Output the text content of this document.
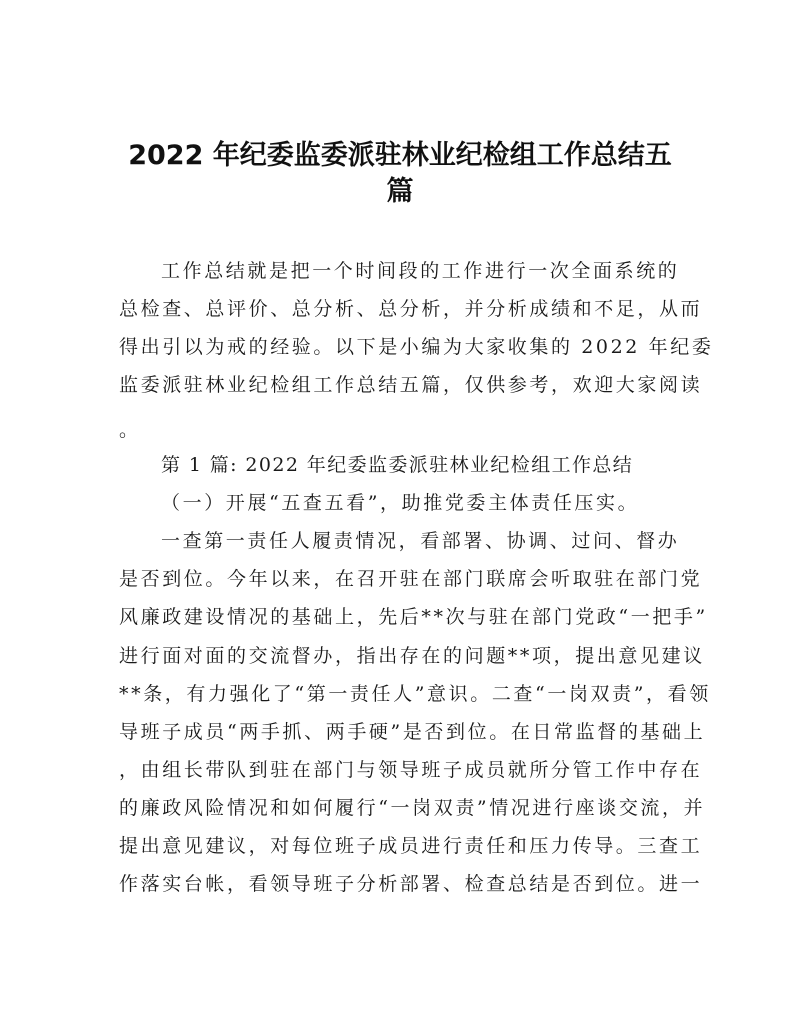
2022 年纪委监委派驻林业纪检组工作总结五
篇

工作总结就是把一个时间段的工作进行一次全面系统的

总检查、总评价、总分析、总分析，并分析成绩和不足，从而

得出引以为戒的经验。以下是小编为大家收集的 2022 年纪委

监委派驻林业纪检组工作总结五篇，仅供参考，欢迎大家阅读

。

第 1 篇: 2022 年纪委监委派驻林业纪检组工作总结

（一）开展“五查五看”，助推党委主体责任压实。

一查第一责任人履责情况，看部署、协调、过问、督办

是否到位。今年以来，在召开驻在部门联席会听取驻在部门党

风廉政建设情况的基础上，先后**次与驻在部门党政“一把手”

进行面对面的交流督办，指出存在的问题**项，提出意见建议

**条，有力强化了“第一责任人”意识。二查“一岗双责”，看领

导班子成员“两手抓、两手硬”是否到位。在日常监督的基础上

，由组长带队到驻在部门与领导班子成员就所分管工作中存在

的廉政风险情况和如何履行“一岗双责”情况进行座谈交流，并

提出意见建议，对每位班子成员进行责任和压力传导。三查工

作落实台帐，看领导班子分析部署、检查总结是否到位。进一
